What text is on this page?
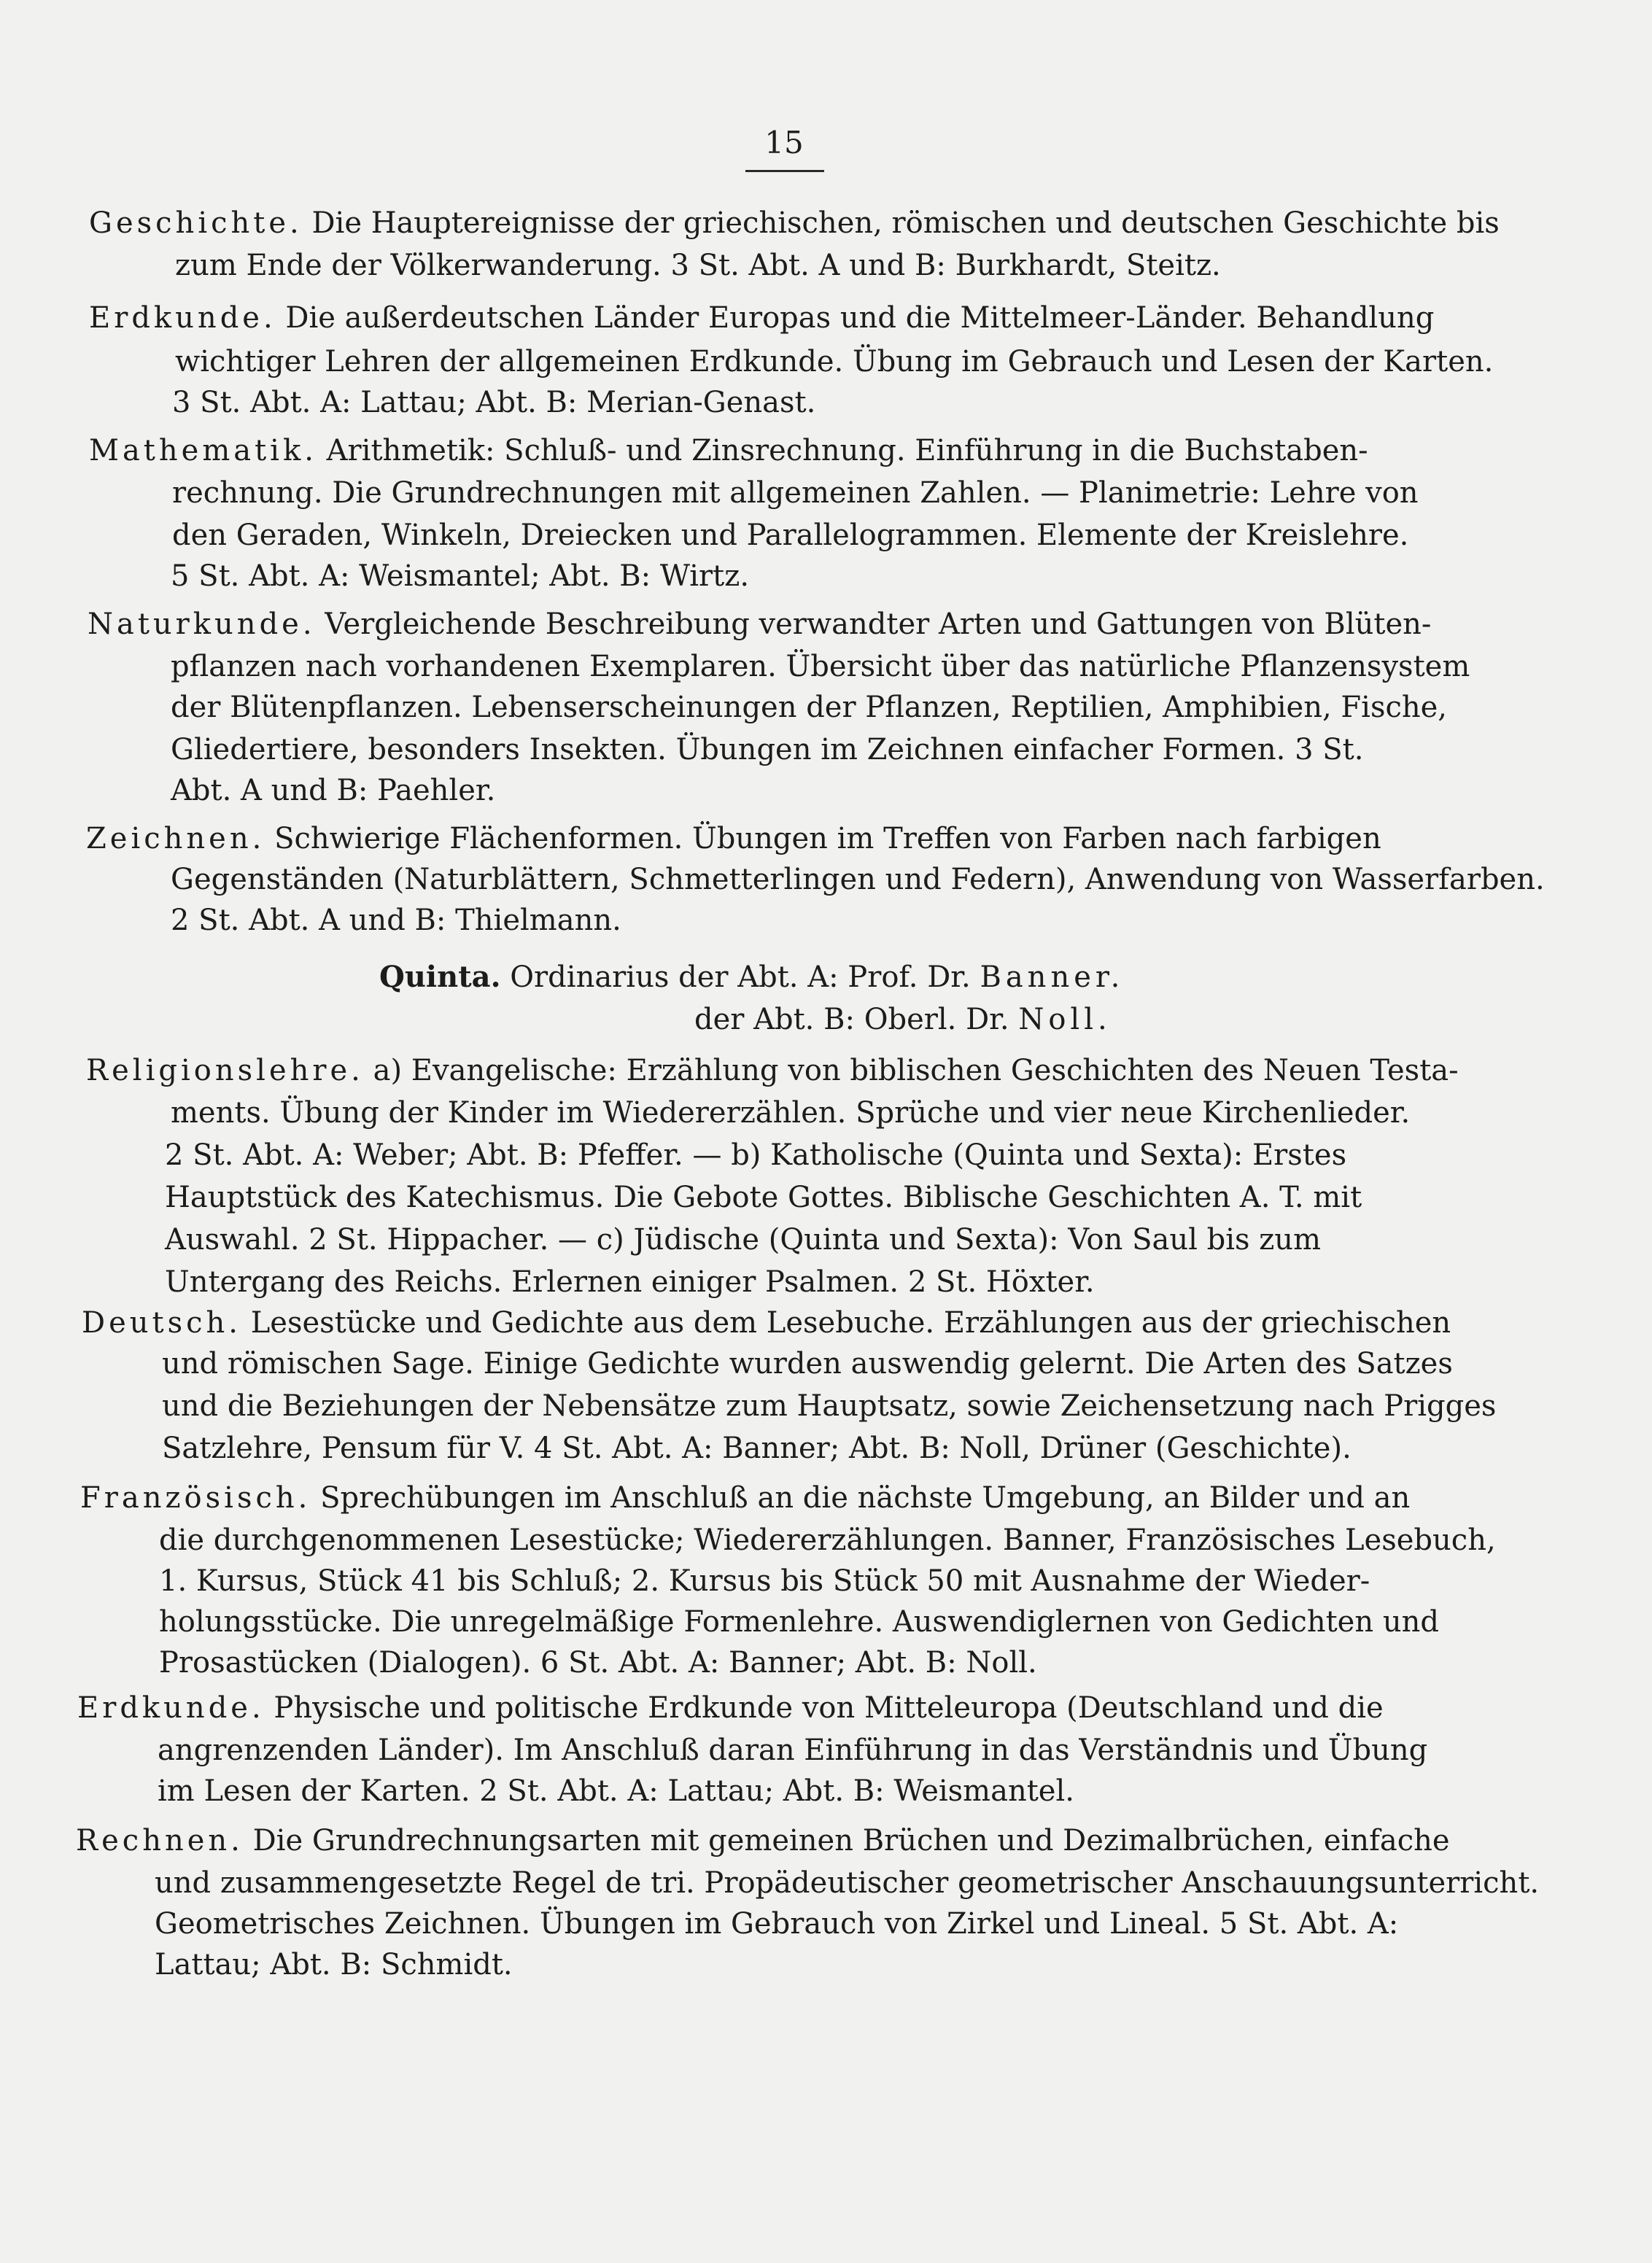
15
Geschichte. Die Hauptereignisse der griechischen, römischen und deutschen Geschichte bis
zum Ende der Völkerwanderung. 3 St. Abt. A und B: Burkhardt, Steitz.
Erdkunde. Die außerdeutschen Länder Europas und die Mittelmeer-Länder. Behandlung
wichtiger Lehren der allgemeinen Erdkunde. Übung im Gebrauch und Lesen der Karten.
3 St. Abt. A: Lattau; Abt. B: Merian-Genast.
Mathematik. Arithmetik: Schluß- und Zinsrechnung. Einführung in die Buchstaben-
rechnung. Die Grundrechnungen mit allgemeinen Zahlen. — Planimetrie: Lehre von
den Geraden, Winkeln, Dreiecken und Parallelogrammen. Elemente der Kreislehre.
5 St. Abt. A: Weismantel; Abt. B: Wirtz.
Naturkunde. Vergleichende Beschreibung verwandter Arten und Gattungen von Blüten-
pflanzen nach vorhandenen Exemplaren. Übersicht über das natürliche Pflanzensystem
der Blütenpflanzen. Lebenserscheinungen der Pflanzen, Reptilien, Amphibien, Fische,
Gliedertiere, besonders Insekten. Übungen im Zeichnen einfacher Formen. 3 St.
Abt. A und B: Paehler.
Zeichnen. Schwierige Flächenformen. Übungen im Treffen von Farben nach farbigen
Gegenständen (Naturblättern, Schmetterlingen und Federn), Anwendung von Wasserfarben.
2 St. Abt. A und B: Thielmann.
Quinta. Ordinarius der Abt. A: Prof. Dr. Banner.
der Abt. B: Oberl. Dr. Noll.
Religionslehre. a) Evangelische: Erzählung von biblischen Geschichten des Neuen Testa-
ments. Übung der Kinder im Wiedererzählen. Sprüche und vier neue Kirchenlieder.
2 St. Abt. A: Weber; Abt. B: Pfeffer. — b) Katholische (Quinta und Sexta): Erstes
Hauptstück des Katechismus. Die Gebote Gottes. Biblische Geschichten A. T. mit
Auswahl. 2 St. Hippacher. — c) Jüdische (Quinta und Sexta): Von Saul bis zum
Untergang des Reichs. Erlernen einiger Psalmen. 2 St. Höxter.
Deutsch. Lesestücke und Gedichte aus dem Lesebuche. Erzählungen aus der griechischen
und römischen Sage. Einige Gedichte wurden auswendig gelernt. Die Arten des Satzes
und die Beziehungen der Nebensätze zum Hauptsatz, sowie Zeichensetzung nach Prigges
Satzlehre, Pensum für V. 4 St. Abt. A: Banner; Abt. B: Noll, Drüner (Geschichte).
Französisch. Sprechübungen im Anschluß an die nächste Umgebung, an Bilder und an
die durchgenommenen Lesestücke; Wiedererzählungen. Banner, Französisches Lesebuch,
1. Kursus, Stück 41 bis Schluß; 2. Kursus bis Stück 50 mit Ausnahme der Wieder-
holungsstücke. Die unregelmäßige Formenlehre. Auswendiglernen von Gedichten und
Prosastücken (Dialogen). 6 St. Abt. A: Banner; Abt. B: Noll.
Erdkunde. Physische und politische Erdkunde von Mitteleuropa (Deutschland und die
angrenzenden Länder). Im Anschluß daran Einführung in das Verständnis und Übung
im Lesen der Karten. 2 St. Abt. A: Lattau; Abt. B: Weismantel.
Rechnen. Die Grundrechnungsarten mit gemeinen Brüchen und Dezimalbrüchen, einfache
und zusammengesetzte Regel de tri. Propädeutischer geometrischer Anschauungsunterricht.
Geometrisches Zeichnen. Übungen im Gebrauch von Zirkel und Lineal. 5 St. Abt. A:
Lattau; Abt. B: Schmidt.
